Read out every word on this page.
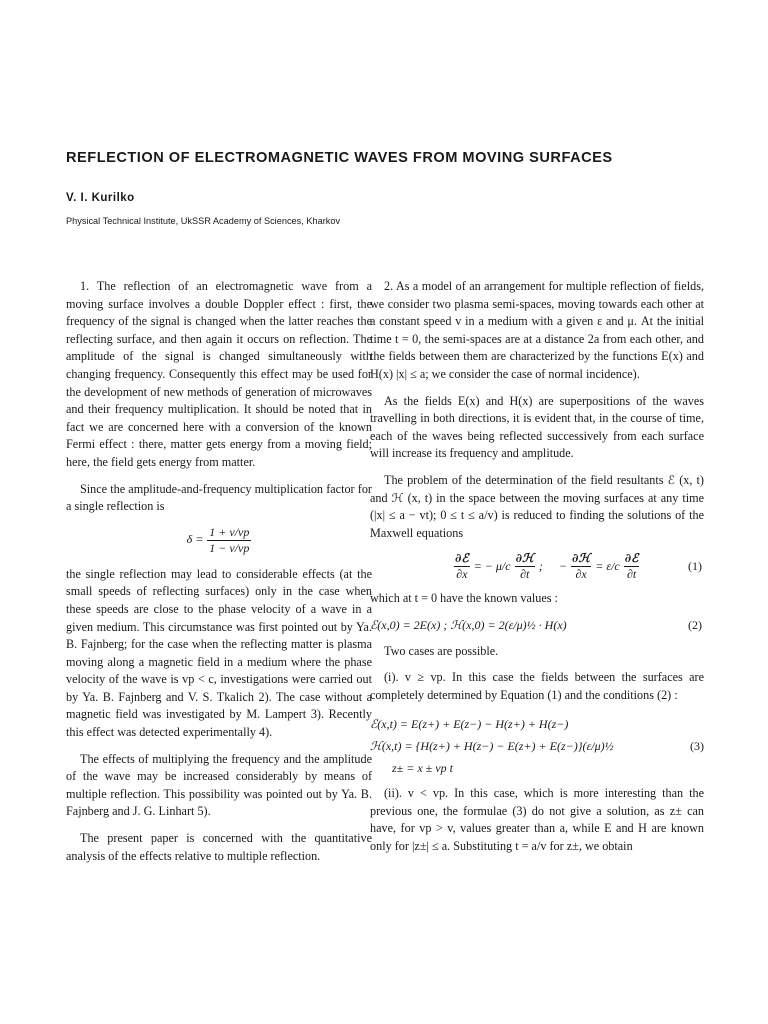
REFLECTION OF ELECTROMAGNETIC WAVES FROM MOVING SURFACES
V. I. Kurilko
Physical Technical Institute, UkSSR Academy of Sciences, Kharkov

1. The reflection of an electromagnetic wave from a moving surface involves a double Doppler effect : first, the frequency of the signal is changed when the latter reaches the reflecting surface, and then again it occurs on reflection. The amplitude of the signal is changed simultaneously with changing frequency. Consequently this effect may be used for the development of new methods of generation of microwaves and their frequency multiplication. It should be noted that in fact we are concerned here with a conversion of the known Fermi effect : there, matter gets energy from a moving field; here, the field gets energy from matter.

Since the amplitude-and-frequency multiplication factor for a single reflection is

$\delta = \frac{1 + v/vp}{1 - v/vp}$

the single reflection may lead to considerable effects (at the small speeds of reflecting surfaces) only in the case when these speeds are close to the phase velocity of a wave in a given medium. This circumstance was first pointed out by Ya. B. Fajnberg; for the case when the reflecting matter is plasma moving along a magnetic field in a medium where the phase velocity of the wave is vp < c, investigations were carried out by Ya. B. Fajnberg and V. S. Tkalich 2). The case without a magnetic field was investigated by M. Lampert 3). Recently this effect was detected experimentally 4).

The effects of multiplying the frequency and the amplitude of the wave may be increased considerably by means of multiple reflection. This possibility was pointed out by Ya. B. Fajnberg and J. G. Linhart 5).

The present paper is concerned with the quantitative analysis of the effects relative to multiple reflection.

2. As a model of an arrangement for multiple reflection of fields, we consider two plasma semi-spaces, moving towards each other at a constant speed v in a medium with a given ε and μ. At the initial time t = 0, the semi-spaces are at a distance 2a from each other, and the fields between them are characterized by the functions E(x) and H(x) |x| ≤ a; we consider the case of normal incidence).

As the fields E(x) and H(x) are superpositions of the waves travelling in both directions, it is evident that, in the course of time, each of the waves being reflected successively from each surface will increase its frequency and amplitude.

The problem of the determination of the field resultants ℰ (x, t) and ℋ (x, t) in the space between the moving surfaces at any time (|x| ≤ a − vt); 0 ≤ t ≤ a/v) is reduced to finding the solutions of the Maxwell equations

∂ℰ
∂x
= − μ/c
∂ℋ
∂t
; −
∂ℋ
∂x
= ε/c
∂ℰ
∂t
(1)

which at t = 0 have the known values :

ℰ(x,0) = 2E(x) ; ℋ(x,0) = 2(ε/μ)½ · H(x)	(2)

Two cases are possible.

(i). v ≥ vp. In this case the fields between the surfaces are completely determined by Equation (1) and the conditions (2) :

ℰ(x,t) = E(z+) + E(z−) − H(z+) + H(z−)
ℋ(x,t) = {H(z+) + H(z−) − E(z+) + E(z−)}(ε/μ)½	(3)
z± = x ± vp t

(ii). v < vp. In this case, which is more interesting than the previous one, the formulae (3) do not give a solution, as z± can have, for vp > v, values greater than a, while E and H are known only for |z±| ≤ a. Substituting t = a/v for z±, we obtain
